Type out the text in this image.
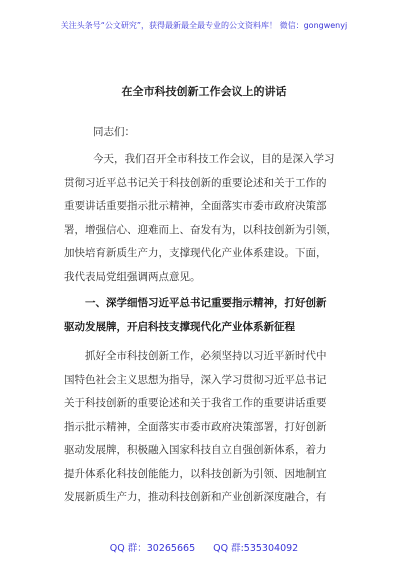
关注头条号“公文研究”，获得最新最全最专业的公文资料库！ 微信：gongwenyj
在全市科技创新工作会议上的讲话
同志们：
今天，我们召开全市科技工作会议，目的是深入学习
贯彻习近平总书记关于科技创新的重要论述和关于工作的
重要讲话重要指示批示精神，全面落实市委市政府决策部
署，增强信心、迎难而上、奋发有为，以科技创新为引领，
加快培育新质生产力，支撑现代化产业体系建设。下面，
我代表局党组强调两点意见。
一、深学细悟习近平总书记重要指示精神，打好创新
驱动发展牌，开启科技支撑现代化产业体系新征程
抓好全市科技创新工作，必须坚持以习近平新时代中
国特色社会主义思想为指导，深入学习贯彻习近平总书记
关于科技创新的重要论述和关于我省工作的重要讲话重要
指示批示精神，全面落实市委市政府决策部署，打好创新
驱动发展牌，积极融入国家科技自立自强创新体系，着力
提升体系化科技创能能力，以科技创新为引领、因地制宜
发展新质生产力，推动科技创新和产业创新深度融合，有
QQ 群：30265665 QQ 群:535304092
